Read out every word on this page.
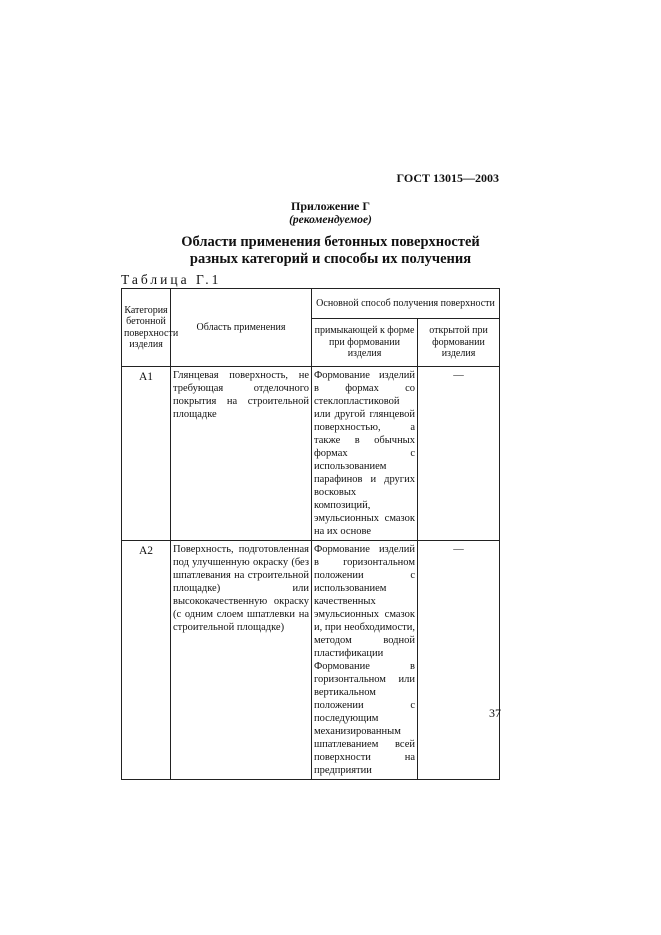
ГОСТ 13015—2003
Приложение Г
(рекомендуемое)
Области применения бетонных поверхностей
разных категорий и способы их получения
Таблица Г.1
Категория бетонной поверхности изделия	Область применения	Основной способ получения поверхности	
		примыкающей к форме при формовании изделия	открытой при формовании изделия
А1	Глянцевая поверхность, не требующая отделочного покрытия на строительной площадке	Формование изделий в формах со стеклопластиковой или другой глянцевой поверхностью, а также в обычных формах с использованием парафинов и других восковых композиций, эмульсионных смазок на их основе	—
А2	Поверхность, подготовленная под улучшенную окраску (без шпатлевания на строительной площадке) или высококачественную окраску (с одним слоем шпатлевки на строительной площадке)	Формование изделий в горизонтальном положении с использованием качественных эмульсионных смазок и, при необходимости, методом водной пластификации Формование в горизонтальном или вертикальном положении с последующим механизированным шпатлеванием всей поверхности на предприятии	—
37
